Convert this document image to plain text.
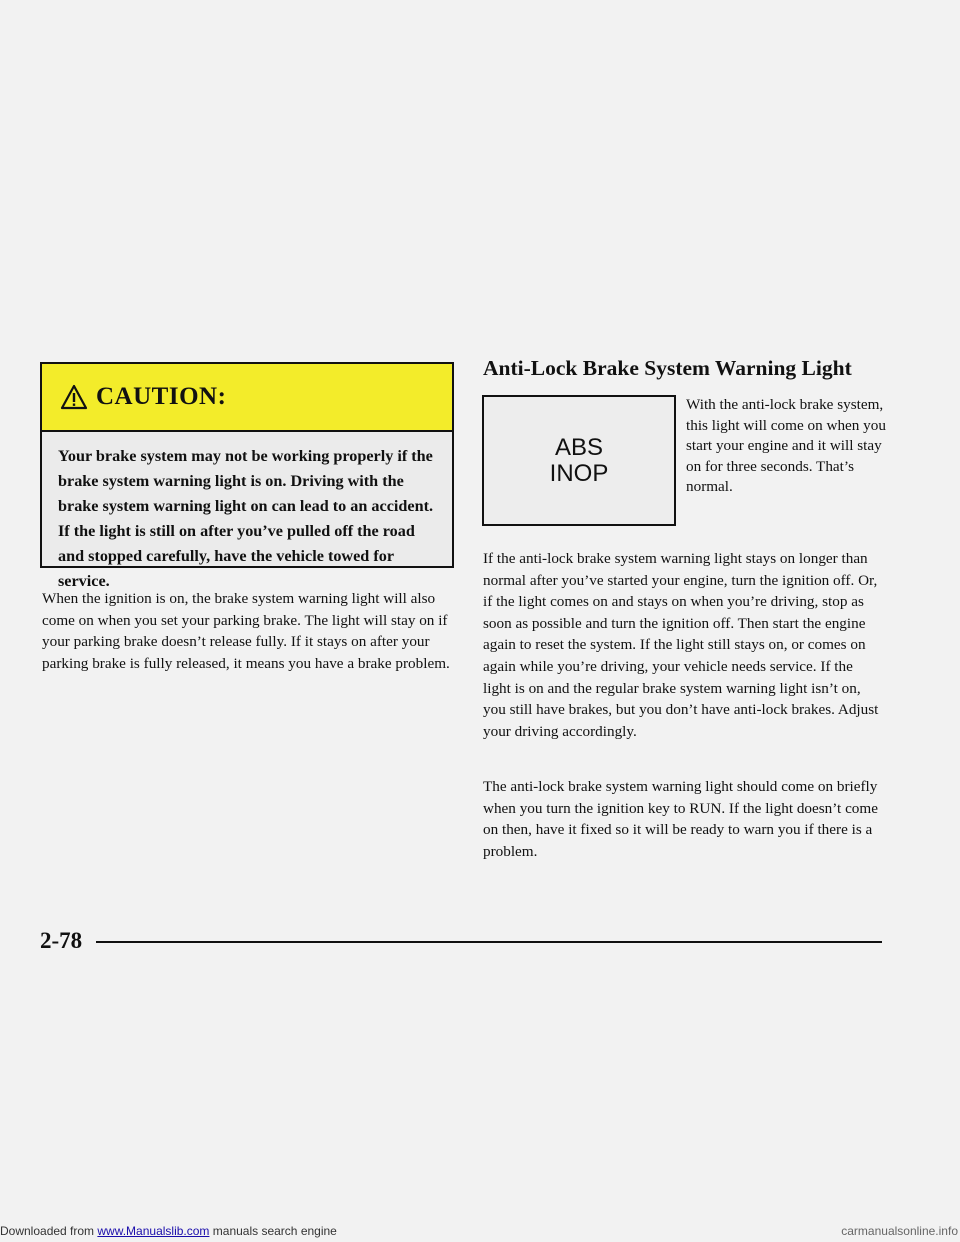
CAUTION:
Your brake system may not be working properly if the brake system warning light is on. Driving with the brake system warning light on can lead to an accident. If the light is still on after you’ve pulled off the road and stopped carefully, have the vehicle towed for service.
When the ignition is on, the brake system warning light will also come on when you set your parking brake. The light will stay on if your parking brake doesn’t release fully. If it stays on after your parking brake is fully released, it means you have a brake problem.
Anti-Lock Brake System Warning Light
ABS
INOP
With the anti-lock brake system, this light will come on when you start your engine and it will stay on for three seconds. That’s normal.
If the anti-lock brake system warning light stays on longer than normal after you’ve started your engine, turn the ignition off. Or, if the light comes on and stays on when you’re driving, stop as soon as possible and turn the ignition off. Then start the engine again to reset the system. If the light still stays on, or comes on again while you’re driving, your vehicle needs service. If the light is on and the regular brake system warning light isn’t on, you still have brakes, but you don’t have anti-lock brakes. Adjust your driving accordingly.
The anti-lock brake system warning light should come on briefly when you turn the ignition key to RUN. If the light doesn’t come on then, have it fixed so it will be ready to warn you if there is a problem.
2-78
Downloaded from www.Manualslib.com manuals search engine	carmanualsonline.info
